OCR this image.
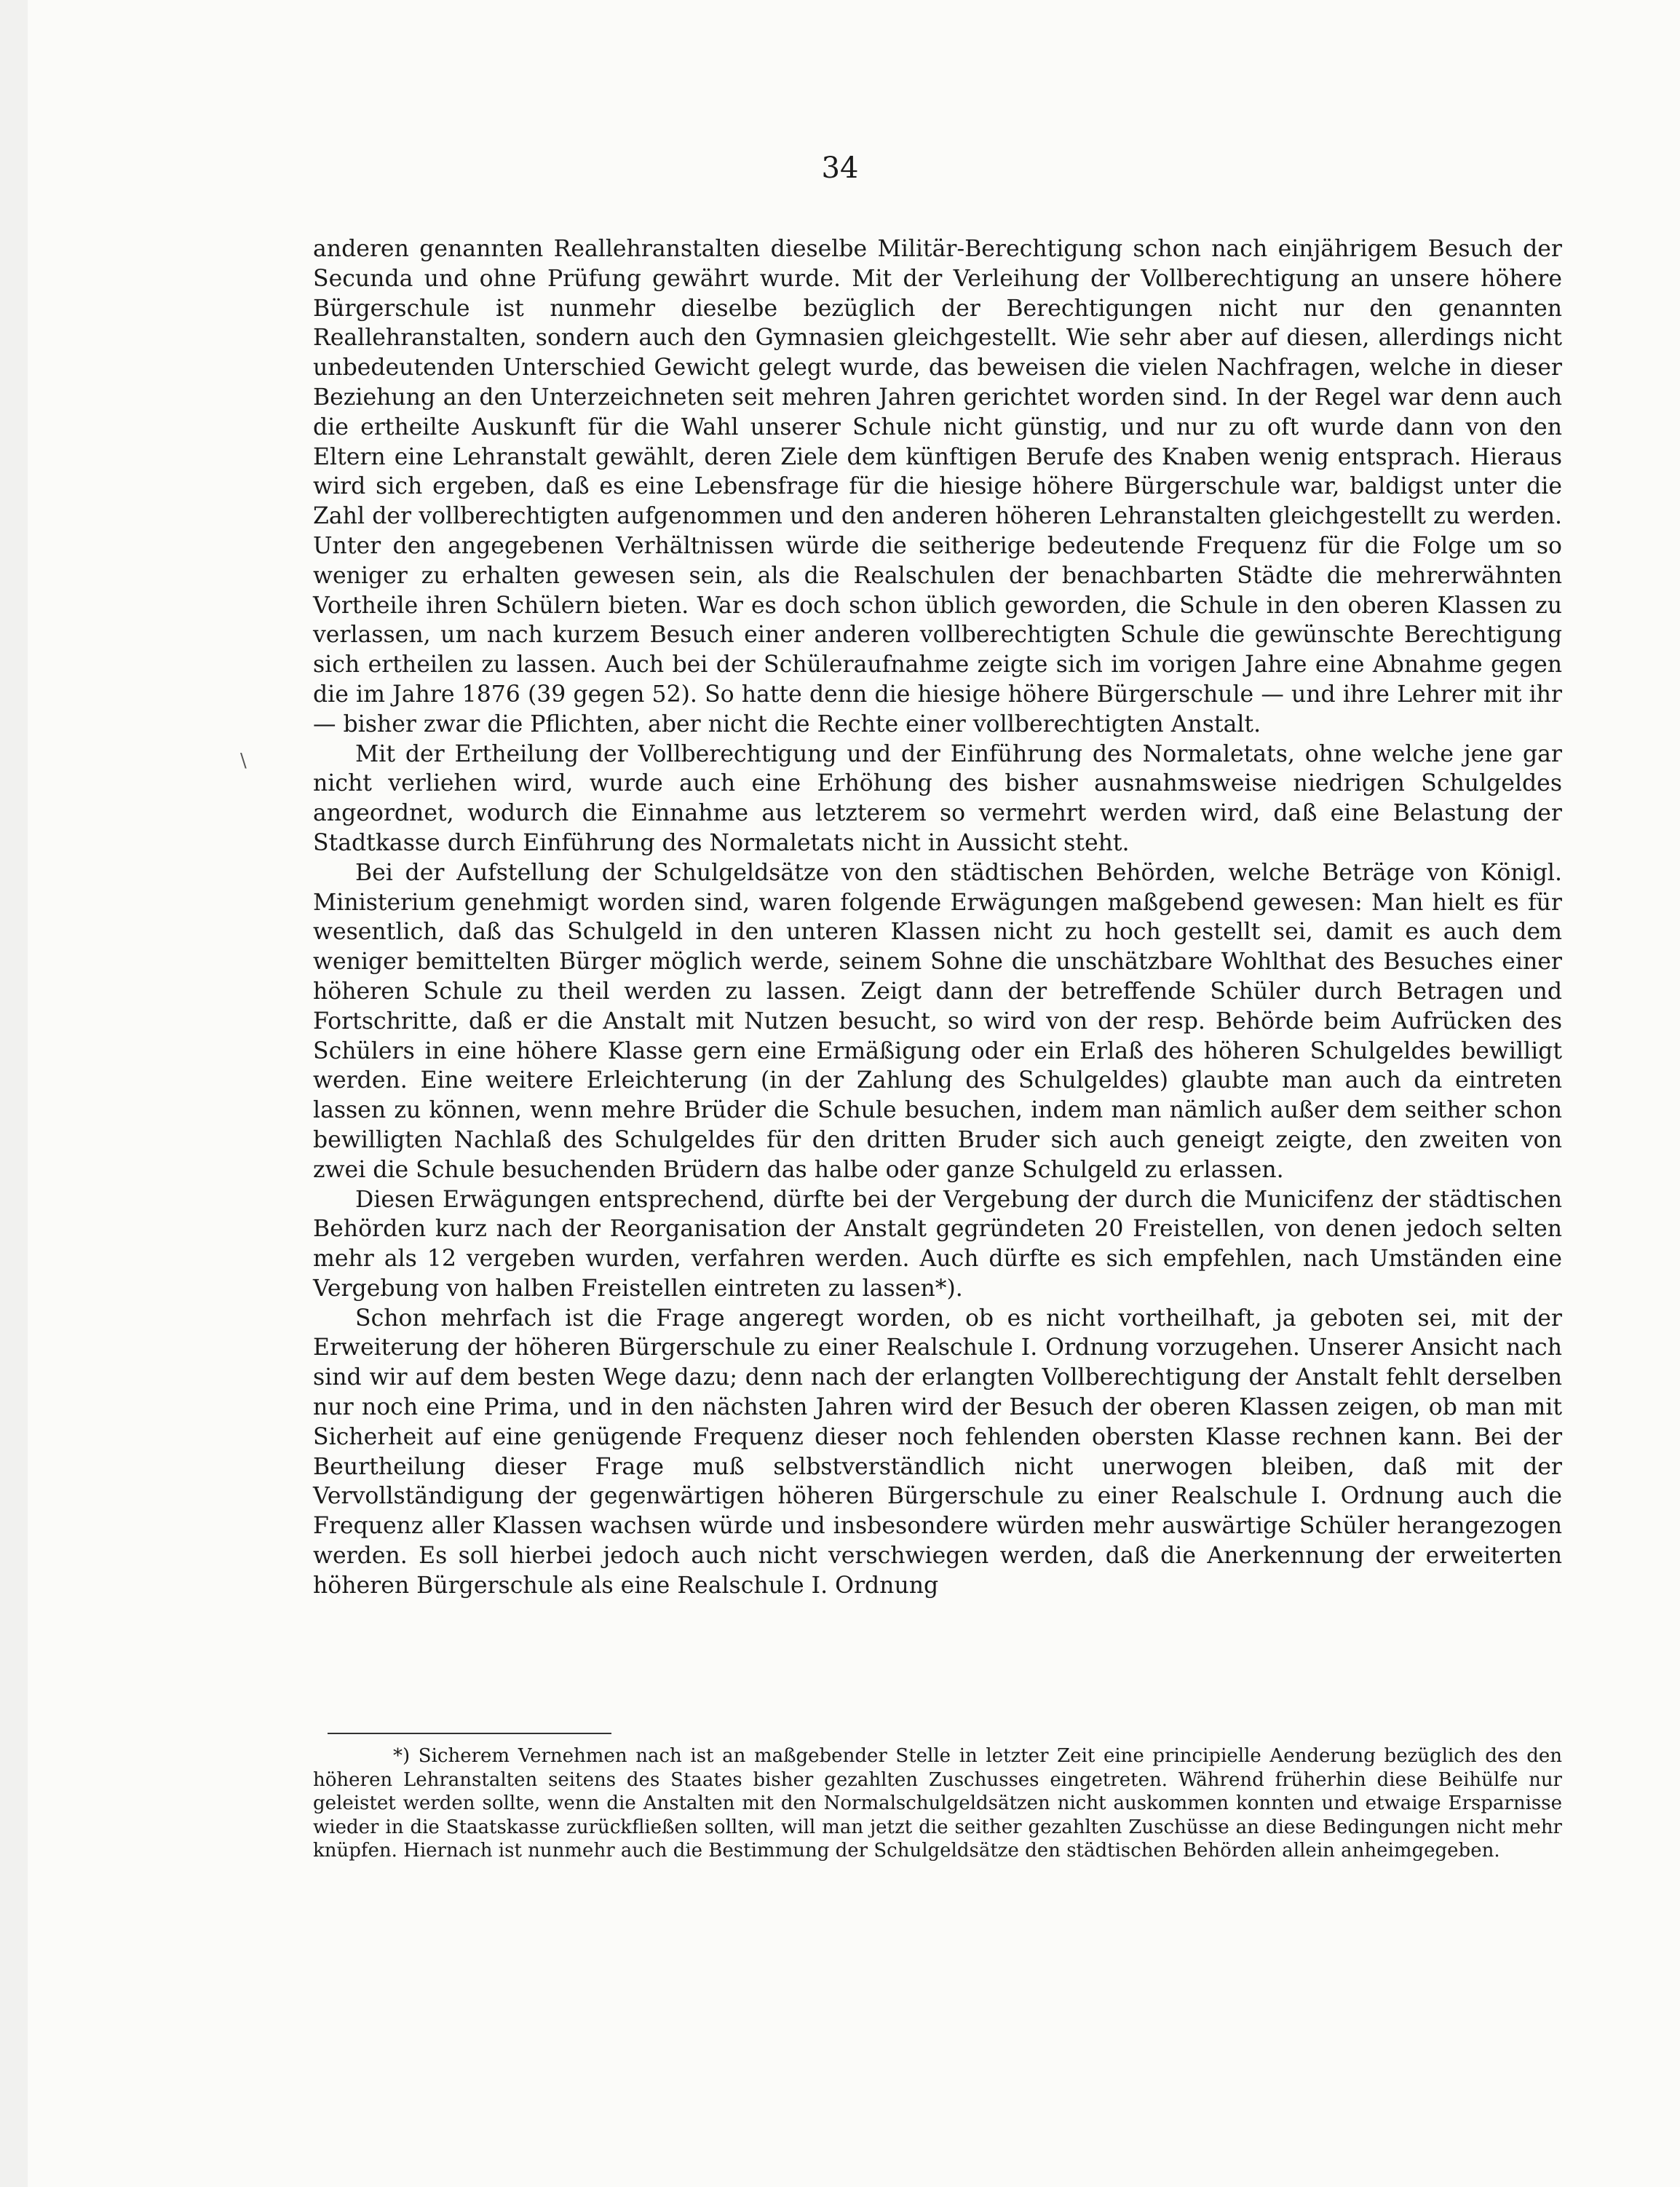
34
\

anderen genannten Reallehranstalten dieselbe Militär-Berechtigung schon nach einjährigem Besuch der Secunda und ohne Prüfung gewährt wurde. Mit der Verleihung der Vollberechtigung an unsere höhere Bürgerschule ist nunmehr dieselbe bezüglich der Berechtigungen nicht nur den genannten Reallehranstalten, sondern auch den Gymnasien gleichgestellt. Wie sehr aber auf diesen, allerdings nicht unbedeutenden Unterschied Gewicht gelegt wurde, das beweisen die vielen Nachfragen, welche in dieser Beziehung an den Unterzeichneten seit mehren Jahren gerichtet worden sind. In der Regel war denn auch die ertheilte Auskunft für die Wahl unserer Schule nicht günstig, und nur zu oft wurde dann von den Eltern eine Lehranstalt gewählt, deren Ziele dem künftigen Berufe des Knaben wenig entsprach. Hieraus wird sich ergeben, daß es eine Lebensfrage für die hiesige höhere Bürgerschule war, baldigst unter die Zahl der vollberechtigten aufgenommen und den anderen höheren Lehranstalten gleichgestellt zu werden. Unter den angegebenen Verhältnissen würde die seitherige bedeutende Frequenz für die Folge um so weniger zu erhalten gewesen sein, als die Realschulen der benachbarten Städte die mehrerwähnten Vortheile ihren Schülern bieten. War es doch schon üblich geworden, die Schule in den oberen Klassen zu verlassen, um nach kurzem Besuch einer anderen vollberechtigten Schule die gewünschte Berechtigung sich ertheilen zu lassen. Auch bei der Schüleraufnahme zeigte sich im vorigen Jahre eine Abnahme gegen die im Jahre 1876 (39 gegen 52). So hatte denn die hiesige höhere Bürgerschule — und ihre Lehrer mit ihr — bisher zwar die Pflichten, aber nicht die Rechte einer vollberechtigten Anstalt.

Mit der Ertheilung der Vollberechtigung und der Einführung des Normaletats, ohne welche jene gar nicht verliehen wird, wurde auch eine Erhöhung des bisher ausnahmsweise niedrigen Schulgeldes angeordnet, wodurch die Einnahme aus letzterem so vermehrt werden wird, daß eine Belastung der Stadtkasse durch Einführung des Normaletats nicht in Aussicht steht.

Bei der Aufstellung der Schulgeldsätze von den städtischen Behörden, welche Beträge von Königl. Ministerium genehmigt worden sind, waren folgende Erwägungen maßgebend gewesen: Man hielt es für wesentlich, daß das Schulgeld in den unteren Klassen nicht zu hoch gestellt sei, damit es auch dem weniger bemittelten Bürger möglich werde, seinem Sohne die unschätzbare Wohlthat des Besuches einer höheren Schule zu theil werden zu lassen. Zeigt dann der betreffende Schüler durch Betragen und Fortschritte, daß er die Anstalt mit Nutzen besucht, so wird von der resp. Behörde beim Aufrücken des Schülers in eine höhere Klasse gern eine Ermäßigung oder ein Erlaß des höheren Schulgeldes bewilligt werden. Eine weitere Erleichterung (in der Zahlung des Schulgeldes) glaubte man auch da eintreten lassen zu können, wenn mehre Brüder die Schule besuchen, indem man nämlich außer dem seither schon bewilligten Nachlaß des Schulgeldes für den dritten Bruder sich auch geneigt zeigte, den zweiten von zwei die Schule besuchenden Brüdern das halbe oder ganze Schulgeld zu erlassen.

Diesen Erwägungen entsprechend, dürfte bei der Vergebung der durch die Municifenz der städtischen Behörden kurz nach der Reorganisation der Anstalt gegründeten 20 Freistellen, von denen jedoch selten mehr als 12 vergeben wurden, verfahren werden. Auch dürfte es sich empfehlen, nach Umständen eine Vergebung von halben Freistellen eintreten zu lassen*).

Schon mehrfach ist die Frage angeregt worden, ob es nicht vortheilhaft, ja geboten sei, mit der Erweiterung der höheren Bürgerschule zu einer Realschule I. Ordnung vorzugehen. Unserer Ansicht nach sind wir auf dem besten Wege dazu; denn nach der erlangten Vollberechtigung der Anstalt fehlt derselben nur noch eine Prima, und in den nächsten Jahren wird der Besuch der oberen Klassen zeigen, ob man mit Sicherheit auf eine genügende Frequenz dieser noch fehlenden obersten Klasse rechnen kann. Bei der Beurtheilung dieser Frage muß selbstverständlich nicht unerwogen bleiben, daß mit der Vervollständigung der gegenwärtigen höheren Bürgerschule zu einer Realschule I. Ordnung auch die Frequenz aller Klassen wachsen würde und insbesondere würden mehr auswärtige Schüler herangezogen werden. Es soll hierbei jedoch auch nicht verschwiegen werden, daß die Anerkennung der erweiterten höheren Bürgerschule als eine Realschule I. Ordnung

*) Sicherem Vernehmen nach ist an maßgebender Stelle in letzter Zeit eine principielle Aenderung bezüglich des den höheren Lehranstalten seitens des Staates bisher gezahlten Zuschusses eingetreten. Während früherhin diese Beihülfe nur geleistet werden sollte, wenn die Anstalten mit den Normalschulgeldsätzen nicht auskommen konnten und etwaige Ersparnisse wieder in die Staatskasse zurückfließen sollten, will man jetzt die seither gezahlten Zuschüsse an diese Bedingungen nicht mehr knüpfen. Hiernach ist nunmehr auch die Bestimmung der Schulgeldsätze den städtischen Behörden allein anheimgegeben.
